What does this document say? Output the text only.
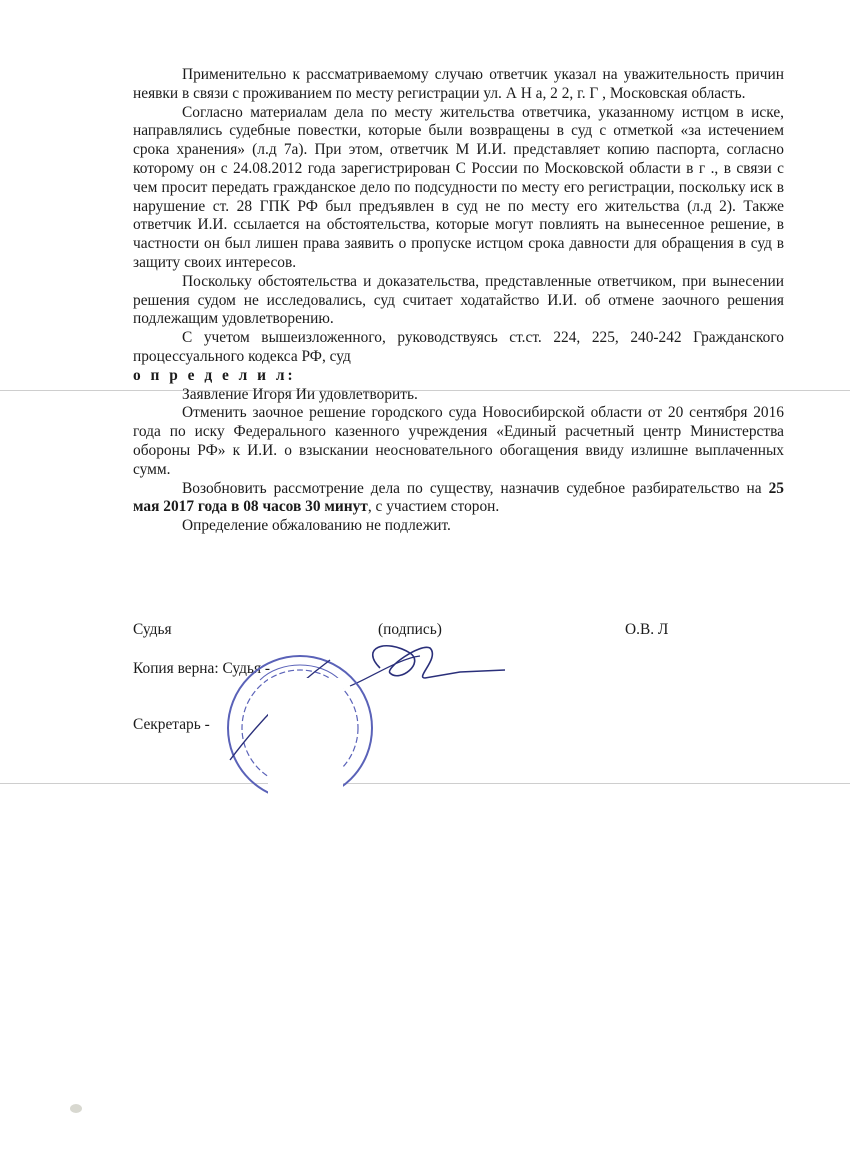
Применительно к рассматриваемому случаю ответчик указал на уважительность причин неявки в связи с проживанием по месту регистрации ул. А Н а, 2 2, г. Г , Московская область.

Согласно материалам дела по месту жительства ответчика, указанному истцом в иске, направлялись судебные повестки, которые были возвращены в суд с отметкой «за истечением срока хранения» (л.д 7а). При этом, ответчик М И.И. представляет копию паспорта, согласно которому он с 24.08.2012 года зарегистрирован С России по Московской области в г ., в связи с чем просит передать гражданское дело по подсудности по месту его регистрации, поскольку иск в нарушение ст. 28 ГПК РФ был предъявлен в суд не по месту его жительства (л.д 2). Также ответчик И.И. ссылается на обстоятельства, которые могут повлиять на вынесенное решение, в частности он был лишен права заявить о пропуске истцом срока давности для обращения в суд в защиту своих интересов.

Поскольку обстоятельства и доказательства, представленные ответчиком, при вынесении решения судом не исследовались, суд считает ходатайство И.И. об отмене заочного решения подлежащим удовлетворению.

С учетом вышеизложенного, руководствуясь ст.ст. 224, 225, 240-242 Гражданского процессуального кодекса РФ, суд

о п р е д е л и л:

Заявление Игоря Ии удовлетворить.

Отменить заочное решение городского суда Новосибирской области от 20 сентября 2016 года по иску Федерального казенного учреждения «Единый расчетный центр Министерства обороны РФ» к И.И. о взыскании неосновательного обогащения ввиду излишне выплаченных сумм.

Возобновить рассмотрение дела по существу, назначив судебное разбирательство на 25 мая 2017 года в 08 часов 30 минут, с участием сторон.

Определение обжалованию не подлежит.

Судья	(подпись)	О.В. Л
Копия верна: Судья -
Секретарь -
